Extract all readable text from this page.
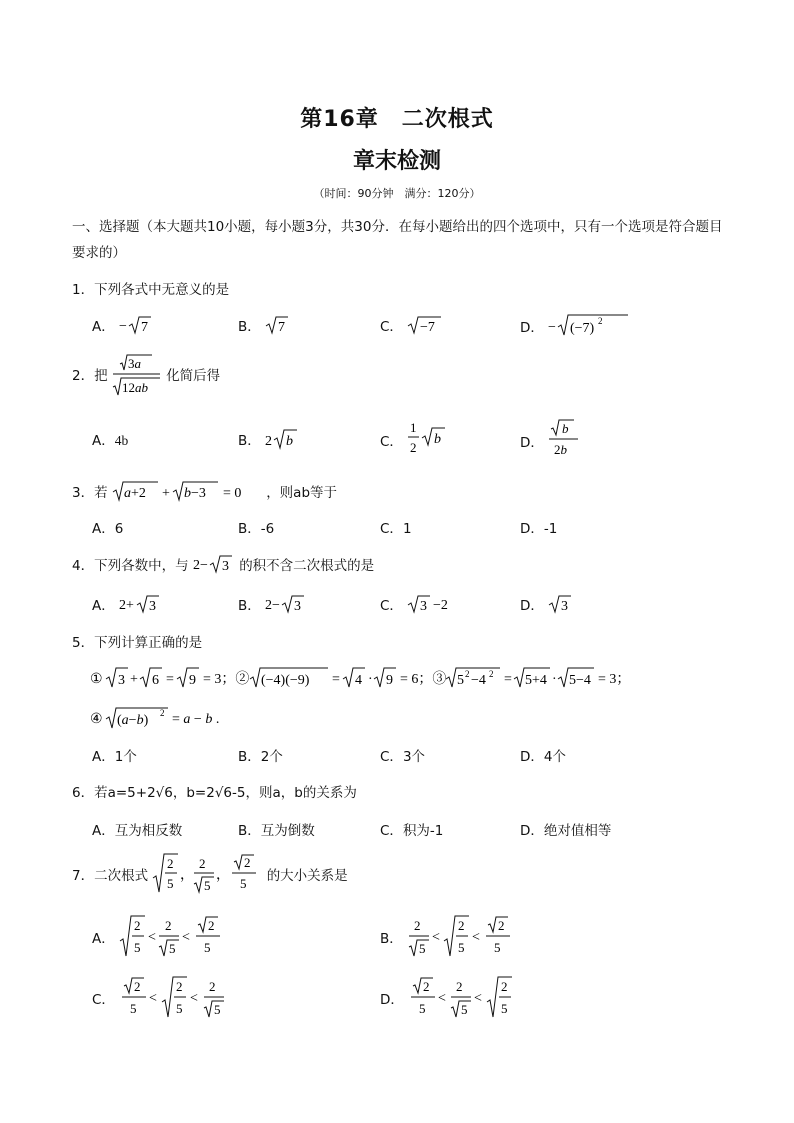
第16章　二次根式
章末检测
（时间：90分钟　满分：120分）
一、选择题（本大题共10小题，每小题3分，共30分．在每小题给出的四个选项中，只有一个选项是符合题目要求的）
1．下列各式中无意义的是
A． − 7	B． 7	C． −7	D． − (−7) 2
2．把
3a
12ab
化简后得
A．4b	B． 2 b	C．
1
2
b	D．
b
2b
3．若 a+2 + b−3 = 0 ，则ab等于
A．6	B．-6	C．1	D．-1
4．下列各数中，与 2− 3 的积不含二次根式的是
A． 2+ 3	B． 2− 3	C． 3 −2	D． 3
5．下列计算正确的是
① 3 + 6 = 9 = 3；② (−4)(−9) = 4 · 9 = 6；③ 5 2 −4 2 = 5+4 · 5−4 = 3；
④ (a−b) 2 = a − b .
A．1个	B．2个	C．3个	D．4个
6．若a=5+2√6，b=2√6-5，则a，b的关系为
A．互为相反数	B．互为倒数	C．积为-1	D．绝对值相等
7．二次根式
2
5
，
2
5
，
2
5 的大小关系是
A．
2
5
<
2
5
<
2
5
B．
2
5
<
2
5
<
2
5
C．
2
5
<
2
5
<
2
5
D．
2
5
<
2
5
<
2
5
